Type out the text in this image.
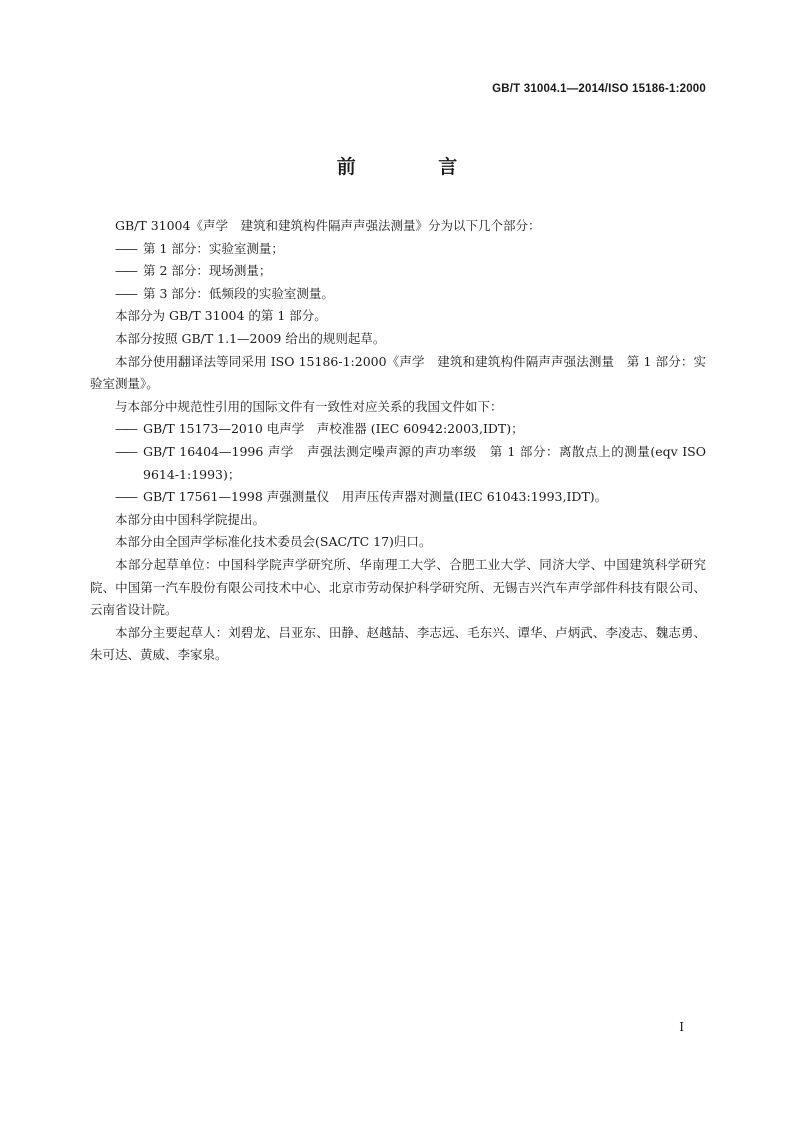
GB/T 31004.1—2014/ISO 15186-1:2000
前 言

GB/T 31004《声学　建筑和建筑构件隔声声强法测量》分为以下几个部分：

—— 第 1 部分：实验室测量；

—— 第 2 部分：现场测量；

—— 第 3 部分：低频段的实验室测量。

本部分为 GB/T 31004 的第 1 部分。

本部分按照 GB/T 1.1—2009 给出的规则起草。

本部分使用翻译法等同采用 ISO 15186-1:2000《声学　建筑和建筑构件隔声声强法测量　第 1 部分：实验室测量》。

与本部分中规范性引用的国际文件有一致性对应关系的我国文件如下：

—— GB/T 15173—2010 电声学　声校准器 (IEC 60942:2003,IDT)；

—— GB/T 16404—1996 声学　声强法测定噪声源的声功率级　第 1 部分：离散点上的测量(eqv ISO 9614-1:1993)；

—— GB/T 17561—1998 声强测量仪　用声压传声器对测量(IEC 61043:1993,IDT)。

本部分由中国科学院提出。

本部分由全国声学标准化技术委员会(SAC/TC 17)归口。

本部分起草单位：中国科学院声学研究所、华南理工大学、合肥工业大学、同济大学、中国建筑科学研究院、中国第一汽车股份有限公司技术中心、北京市劳动保护科学研究所、无锡吉兴汽车声学部件科技有限公司、云南省设计院。

本部分主要起草人：刘碧龙、吕亚东、田静、赵越喆、李志远、毛东兴、谭华、卢炳武、李凌志、魏志勇、朱可达、黄威、李家泉。

I
